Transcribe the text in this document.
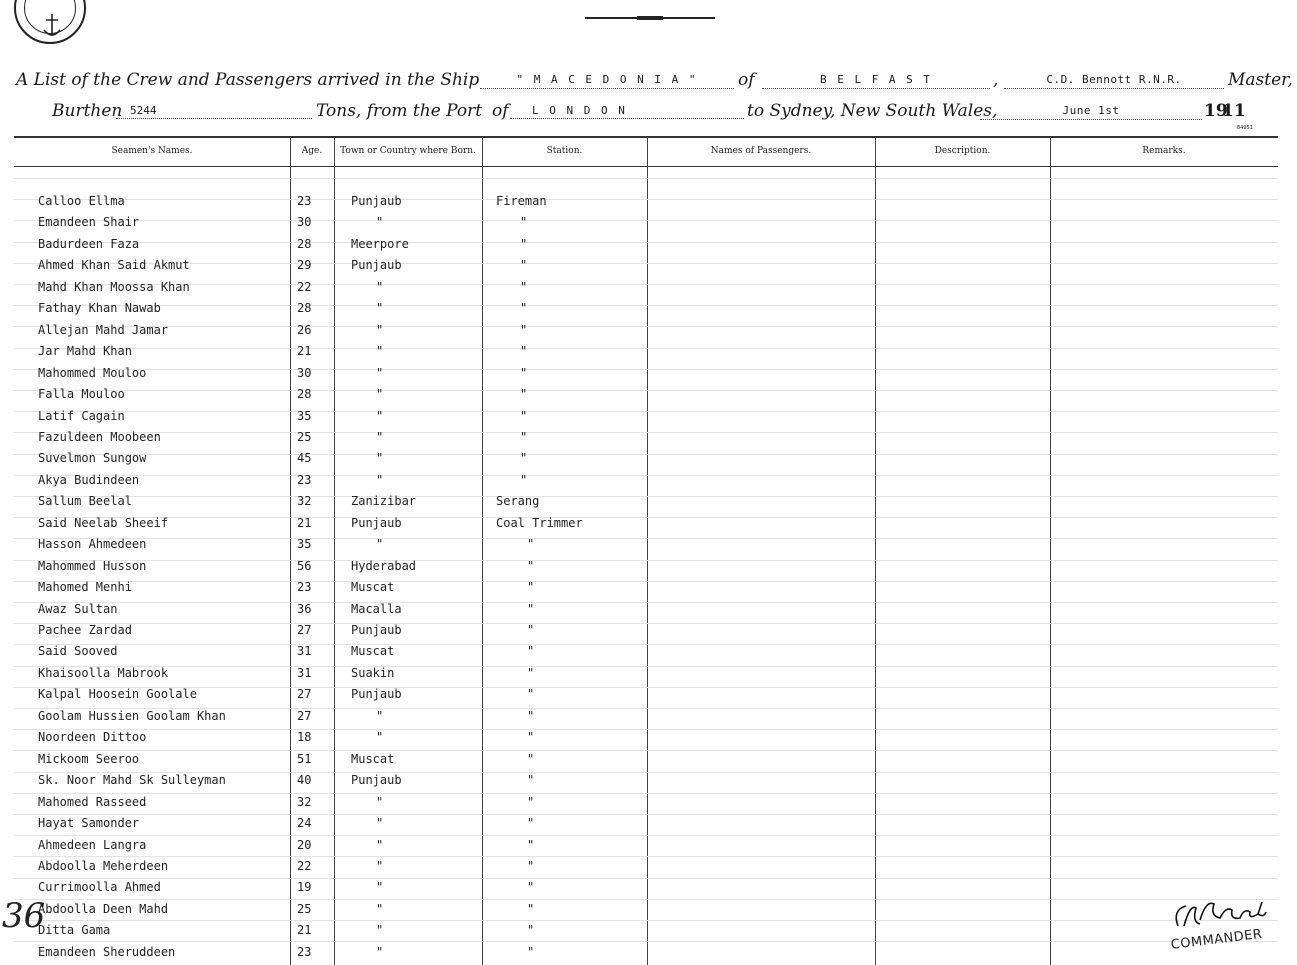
A List of the Crew and Passengers arrived in the Ship	" M A C E D O N I A "	of	B E L F A S T	,	C.D. Bennott R.N.R.	Master,
Burthen 5244	Tons, from the Port of	L O N D O N	to Sydney, New South Wales,	June 1st	19
11
84951
Seamen's Names.	Age.	Town or Country where Born.	Station.	Names of Passengers.	Description.	Remarks.
Calloo Ellma	23	Punjaub	Fireman
Emandeen Shair	30	"	"
Badurdeen Faza	28	Meerpore	"
Ahmed Khan Said Akmut	29	Punjaub	"
Mahd Khan Moossa Khan	22	"	"
Fathay Khan Nawab	28	"	"
Allejan Mahd Jamar	26	"	"
Jar Mahd Khan	21	"	"
Mahommed Mouloo	30	"	"
Falla Mouloo	28	"	"
Latif Cagain	35	"	"
Fazuldeen Moobeen	25	"	"
Suvelmon Sungow	45	"	"
Akya Budindeen	23	"	"
Sallum Beelal	32	Zanizibar	Serang
Said Neelab Sheeif	21	Punjaub	Coal Trimmer
Hasson Ahmedeen	35	"	"
Mahommed Husson	56	Hyderabad	"
Mahomed Menhi	23	Muscat	"
Awaz Sultan	36	Macalla	"
Pachee Zardad	27	Punjaub	"
Said Sooved	31	Muscat	"
Khaisoolla Mabrook	31	Suakin	"
Kalpal Hoosein Goolale	27	Punjaub	"
Goolam Hussien Goolam Khan	27	"	"
Noordeen Dittoo	18	"	"
Mickoom Seeroo	51	Muscat	"
Sk. Noor Mahd Sk Sulleyman	40	Punjaub	"
Mahomed Rasseed	32	"	"
Hayat Samonder	24	"	"
Ahmedeen Langra	20	"	"
Abdoolla Meherdeen	22	"	"
Currimoolla Ahmed	19	"	"
Abdoolla Deen Mahd	25	"	"
Ditta Gama	21	"	"
Emandeen Sheruddeen	23	"	"
36
COMMANDER
